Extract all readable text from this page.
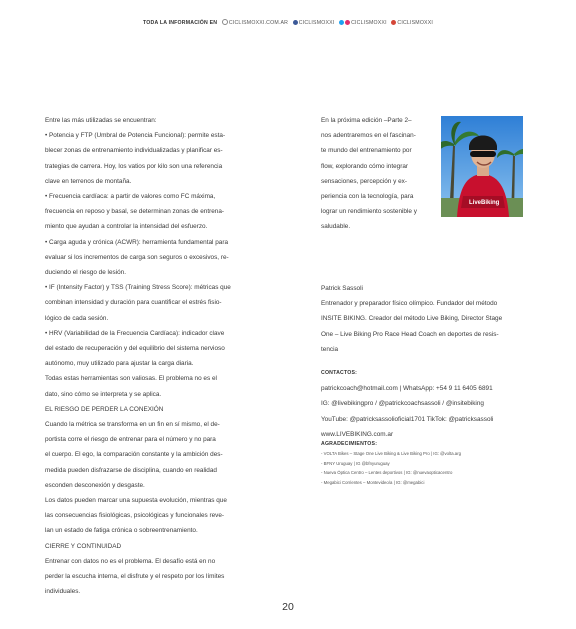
TODA LA INFORMACIÓN EN CICLISMOXXI.COM.AR CICLISMOXXI	CICLISMOXXI CICLISMOXXI

Entre las más utilizadas se encuentran:

• Potencia y FTP (Umbral de Potencia Funcional): permite esta-

blecer zonas de entrenamiento individualizadas y planificar es-

trategias de carrera. Hoy, los vatios por kilo son una referencia

clave en terrenos de montaña.

• Frecuencia cardíaca: a partir de valores como FC máxima,

frecuencia en reposo y basal, se determinan zonas de entrena-

miento que ayudan a controlar la intensidad del esfuerzo.

• Carga aguda y crónica (ACWR): herramienta fundamental para

evaluar si los incrementos de carga son seguros o excesivos, re-

duciendo el riesgo de lesión.

• IF (Intensity Factor) y TSS (Training Stress Score): métricas que

combinan intensidad y duración para cuantificar el estrés fisio-

lógico de cada sesión.

• HRV (Variabilidad de la Frecuencia Cardíaca): indicador clave

del estado de recuperación y del equilibrio del sistema nervioso

autónomo, muy utilizado para ajustar la carga diaria.

Todas estas herramientas son valiosas. El problema no es el

dato, sino cómo se interpreta y se aplica.

EL RIESGO DE PERDER LA CONEXIÓN

Cuando la métrica se transforma en un fin en sí mismo, el de-

portista corre el riesgo de entrenar para el número y no para

el cuerpo. El ego, la comparación constante y la ambición des-

medida pueden disfrazarse de disciplina, cuando en realidad

esconden desconexión y desgaste.

Los datos pueden marcar una supuesta evolución, mientras que

las consecuencias fisiológicas, psicológicas y funcionales reve-

lan un estado de fatiga crónica o sobreentrenamiento.

CIERRE Y CONTINUIDAD

Entrenar con datos no es el problema. El desafío está en no

perder la escucha interna, el disfrute y el respeto por los límites

individuales.

En la próxima edición –Parte 2–

nos adentraremos en el fascinan-

te mundo del entrenamiento por

flow, explorando cómo integrar

sensaciones, percepción y ex-

periencia con la tecnología, para

lograr un rendimiento sostenible y

saludable.

LiveBiking

Patrick Sassoli

Entrenador y preparador físico olímpico. Fundador del método

INSITE BIKING. Creador del método Live Biking, Director Stage

One – Live Biking Pro Race Head Coach en deportes de resis-

tencia

CONTACTOS:

patrickcoach@hotmail.com | WhatsApp: +54 9 11 6405 6891

IG: @livebikingpro / @patrickcoachsassoli / @insitebiking

YouTube: @patricksassolioficial1701 TikTok: @patricksassoli

www.LIVEBIKING.com.ar

AGRADECIMIENTOS:

- VOLTA Bikes – Stage One Live Biking & Live Biking Pro | IG: @volta.arg

- BFNY Uruguay | IG @bfnyuruguay

- Nueva Óptica Centro – Lentes deportivos | IG: @nuevaopticacentro

- Megabici Corrientes – Montevideo/a | IG: @megabici

20
